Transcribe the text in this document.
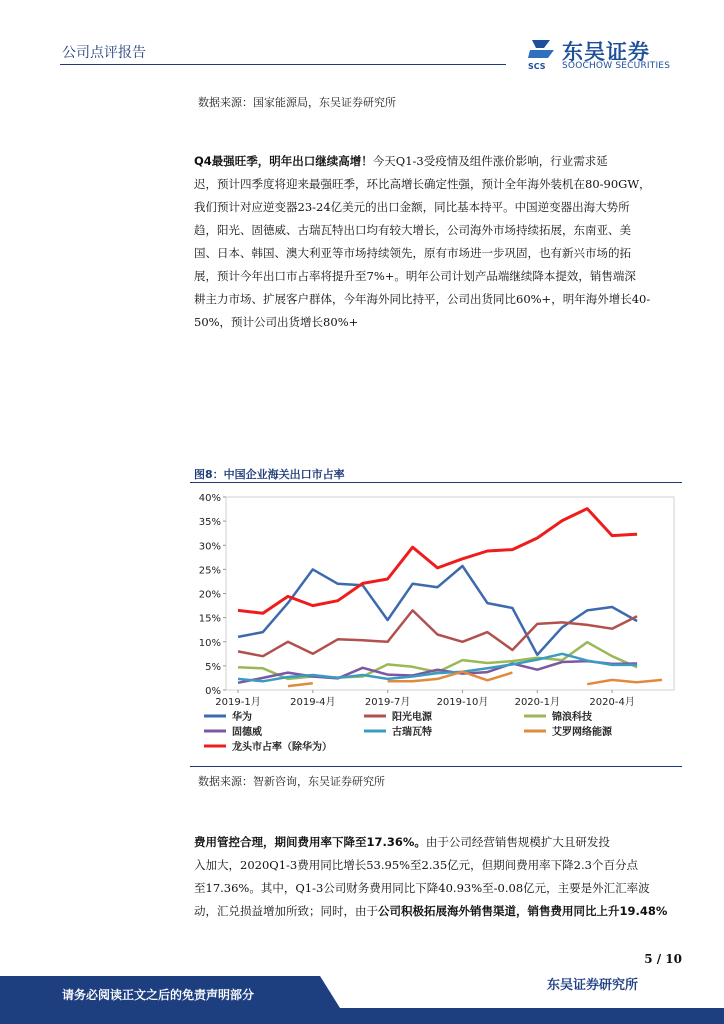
公司点评报告
SCS
东吴证券
SOOCHOW SECURITIES
数据来源：国家能源局，东吴证券研究所
Q4最强旺季，明年出口继续高增！今天Q1-3受疫情及组件涨价影响，行业需求延
迟，预计四季度将迎来最强旺季，环比高增长确定性强，预计全年海外装机在80-90GW，
我们预计对应逆变器23-24亿美元的出口金额，同比基本持平。中国逆变器出海大势所
趋，阳光、固德威、古瑞瓦特出口均有较大增长，公司海外市场持续拓展，东南亚、美
国、日本、韩国、澳大利亚等市场持续领先，原有市场进一步巩固，也有新兴市场的拓
展，预计今年出口市占率将提升至7%+。明年公司计划产品端继续降本提效，销售端深
耕主力市场、扩展客户群体，今年海外同比持平，公司出货同比60%+，明年海外增长40-
50%，预计公司出货增长80%+
图8：中国企业海关出口市占率
0%
5%
10%
15%
20%
25%
30%
35%
40%
2019-1月	2019-4月	2019-7月	2019-10月	2020-1月	2020-4月
华为	阳光电源	锦浪科技
固德威	古瑞瓦特	艾罗网络能源
龙头市占率（除华为）
数据来源：智新咨询，东吴证券研究所
费用管控合理，期间费用率下降至17.36%。由于公司经营销售规模扩大且研发投
入加大，2020Q1-3费用同比增长53.95%至2.35亿元，但期间费用率下降2.3个百分点
至17.36%。其中，Q1-3公司财务费用同比下降40.93%至-0.08亿元，主要是外汇汇率波
动，汇兑损益增加所致；同时，由于公司积极拓展海外销售渠道，销售费用同比上升19.48%
5 / 10
请务必阅读正文之后的免责声明部分
东吴证券研究所
